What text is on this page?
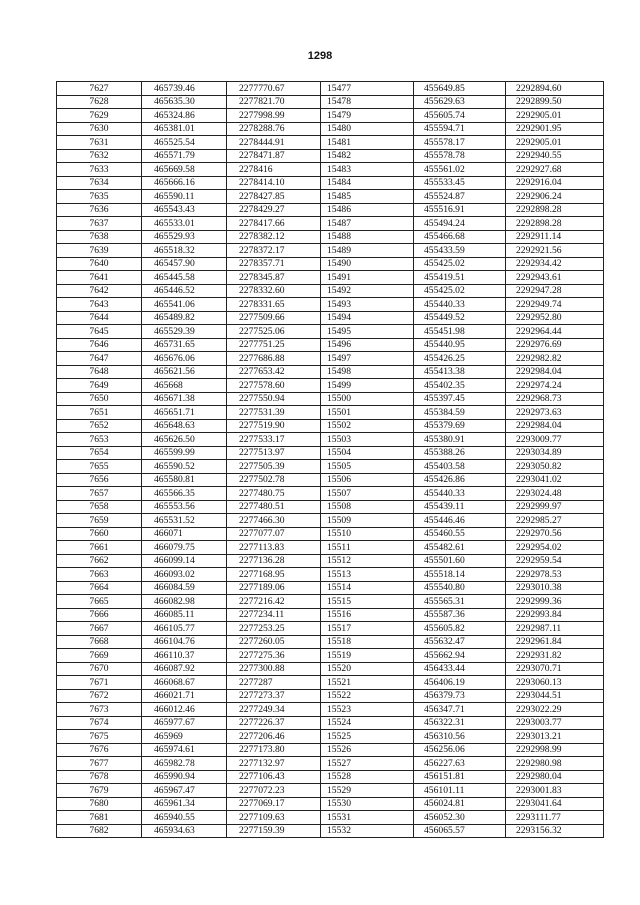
1298
7627	465739.46	2277770.67	15477	455649.85	2292894.60
7628	465635.30	2277821.70	15478	455629.63	2292899.50
7629	465324.86	2277998.99	15479	455605.74	2292905.01
7630	465381.01	2278288.76	15480	455594.71	2292901.95
7631	465525.54	2278444.91	15481	455578.17	2292905.01
7632	465571.79	2278471.87	15482	455578.78	2292940.55
7633	465669.58	2278416	15483	455561.02	2292927.68
7634	465666.16	2278414.10	15484	455533.45	2292916.04
7635	465590.11	2278427.85	15485	455524.87	2292906.24
7636	465543.43	2278429.27	15486	455516.91	2292898.28
7637	465533.01	2278417.66	15487	455494.24	2292898.28
7638	465529.93	2278382.12	15488	455466.68	2292911.14
7639	465518.32	2278372.17	15489	455433.59	2292921.56
7640	465457.90	2278357.71	15490	455425.02	2292934.42
7641	465445.58	2278345.87	15491	455419.51	2292943.61
7642	465446.52	2278332.60	15492	455425.02	2292947.28
7643	465541.06	2278331.65	15493	455440.33	2292949.74
7644	465489.82	2277509.66	15494	455449.52	2292952.80
7645	465529.39	2277525.06	15495	455451.98	2292964.44
7646	465731.65	2277751.25	15496	455440.95	2292976.69
7647	465676.06	2277686.88	15497	455426.25	2292982.82
7648	465621.56	2277653.42	15498	455413.38	2292984.04
7649	465668	2277578.60	15499	455402.35	2292974.24
7650	465671.38	2277550.94	15500	455397.45	2292968.73
7651	465651.71	2277531.39	15501	455384.59	2292973.63
7652	465648.63	2277519.90	15502	455379.69	2292984.04
7653	465626.50	2277533.17	15503	455380.91	2293009.77
7654	465599.99	2277513.97	15504	455388.26	2293034.89
7655	465590.52	2277505.39	15505	455403.58	2293050.82
7656	465580.81	2277502.78	15506	455426.86	2293041.02
7657	465566.35	2277480.75	15507	455440.33	2293024.48
7658	465553.56	2277480.51	15508	455439.11	2292999.97
7659	465531.52	2277466.30	15509	455446.46	2292985.27
7660	466071	2277077.07	15510	455460.55	2292970.56
7661	466079.75	2277113.83	15511	455482.61	2292954.02
7662	466099.14	2277136.28	15512	455501.60	2292959.54
7663	466093.02	2277168.95	15513	455518.14	2292978.53
7664	466084.59	2277189.06	15514	455540.80	2293010.38
7665	466082.98	2277216.42	15515	455565.31	2292999.36
7666	466085.11	2277234.11	15516	455587.36	2292993.84
7667	466105.77	2277253.25	15517	455605.82	2292987.11
7668	466104.76	2277260.05	15518	455632.47	2292961.84
7669	466110.37	2277275.36	15519	455662.94	2292931.82
7670	466087.92	2277300.88	15520	456433.44	2293070.71
7671	466068.67	2277287	15521	456406.19	2293060.13
7672	466021.71	2277273.37	15522	456379.73	2293044.51
7673	466012.46	2277249.34	15523	456347.71	2293022.29
7674	465977.67	2277226.37	15524	456322.31	2293003.77
7675	465969	2277206.46	15525	456310.56	2293013.21
7676	465974.61	2277173.80	15526	456256.06	2292998.99
7677	465982.78	2277132.97	15527	456227.63	2292980.98
7678	465990.94	2277106.43	15528	456151.81	2292980.04
7679	465967.47	2277072.23	15529	456101.11	2293001.83
7680	465961.34	2277069.17	15530	456024.81	2293041.64
7681	465940.55	2277109.63	15531	456052.30	2293111.77
7682	465934.63	2277159.39	15532	456065.57	2293156.32
